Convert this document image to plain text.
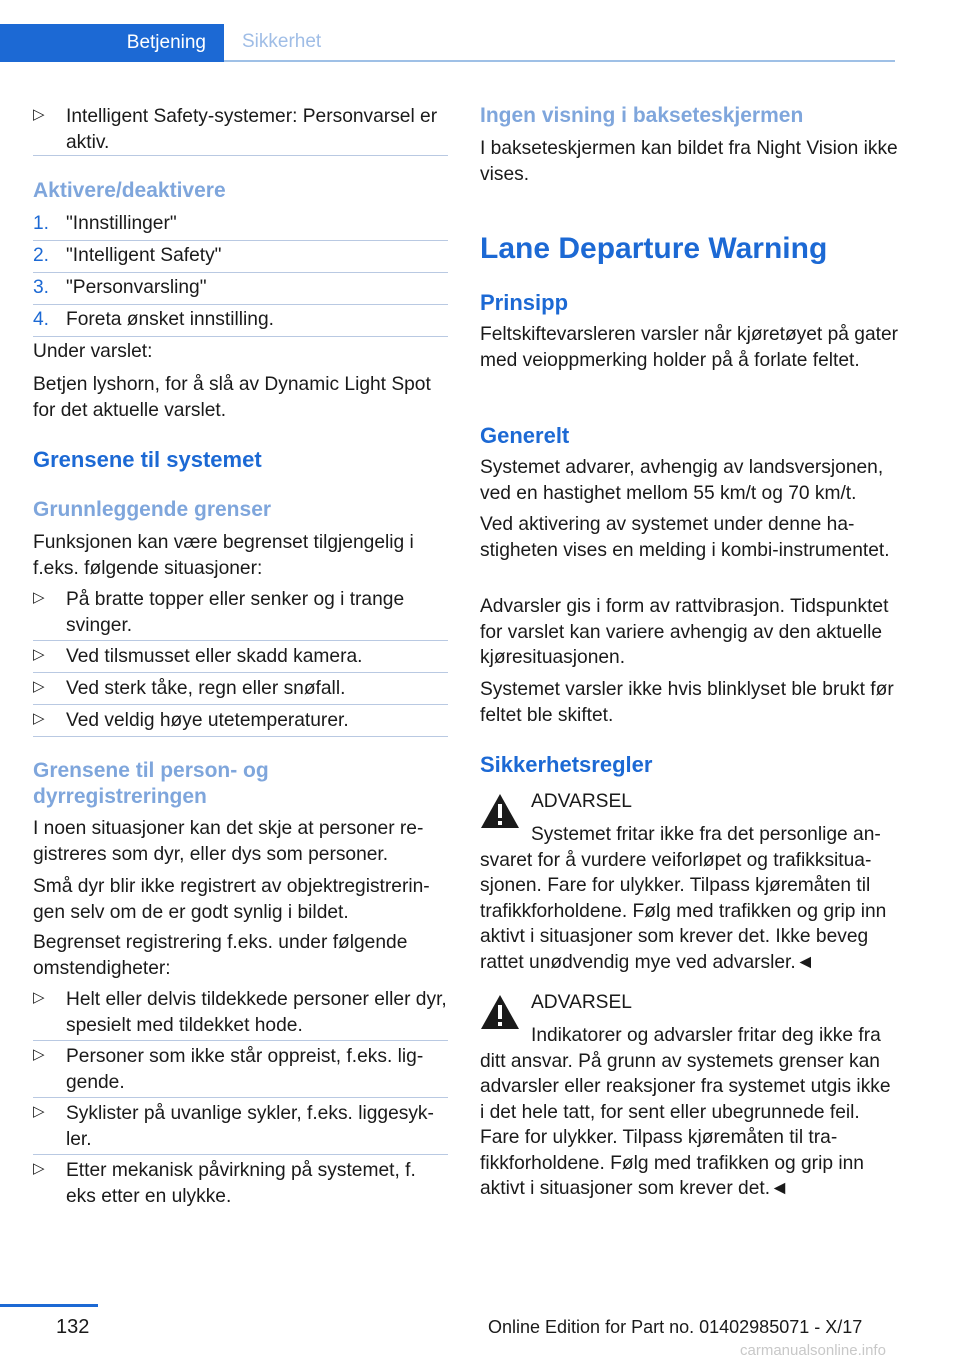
Betjening	Sikkerhet
▷ Intelligent Safety-systemer: Personvarsel er aktiv.

Aktivere/deaktivere
1. "Innstillinger"

2. "Intelligent Safety"

3. "Personvarsling"

4. Foreta ønsket innstilling.

Under varslet:

Betjen lyshorn, for å slå av Dynamic Light Spot for det aktuelle varslet.

Grensene til systemet
Grunnleggende grenser

Funksjonen kan være begrenset tilgjengelig i f.eks. følgende situasjoner:

▷ På bratte topper eller senker og i trange svinger.

▷ Ved tilsmusset eller skadd kamera.

▷ Ved sterk tåke, regn eller snøfall.

▷ Ved veldig høye utetemperaturer.

Grensene til person- og dyrregistreringen

I noen situasjoner kan det skje at personer registreres som dyr, eller dys som personer.

Små dyr blir ikke registrert av objektregistreringen selv om de er godt synlig i bildet.

Begrenset registrering f.eks. under følgende omstendigheter:

▷ Helt eller delvis tildekkede personer eller dyr, spesielt med tildekket hode.

▷ Personer som ikke står oppreist, f.eks. liggende.

▷ Syklister på uvanlige sykler, f.eks. liggesykler.

▷ Etter mekanisk påvirkning på systemet, f. eks etter en ulykke.

Ingen visning i bakseteskjermen

I bakseteskjermen kan bildet fra Night Vision ikke vises.

Lane Departure Warning
Prinsipp

Feltskiftevarsleren varsler når kjøretøyet på gater med veioppmerking holder på å forlate feltet.

Generelt

Systemet advarer, avhengig av landsversjonen, ved en hastighet mellom 55 km/t og 70 km/t.

Ved aktivering av systemet under denne hastigheten vises en melding i kombi-instrumentet.

Advarsler gis i form av rattvibrasjon. Tidspunktet for varslet kan variere avhengig av den aktuelle kjøresituasjonen.

Systemet varsler ikke hvis blinklyset ble brukt før feltet ble skiftet.

Sikkerhetsregler
ADVARSEL

Systemet fritar ikke fra det personlige ansvaret for å vurdere veiforløpet og trafikksituasjonen. Fare for ulykker. Tilpass kjøremåten til trafikkforholdene. Følg med trafikken og grip inn aktivt i situasjoner som krever det. Ikke beveg rattet unødvendig mye ved advarsler.◄

ADVARSEL

Indikatorer og advarsler fritar deg ikke fra ditt ansvar. På grunn av systemets grenser kan advarsler eller reaksjoner fra systemet utgis ikke i det hele tatt, for sent eller ubegrunnede feil. Fare for ulykker. Tilpass kjøremåten til trafikkforholdene. Følg med trafikken og grip inn aktivt i situasjoner som krever det.◄

132	Online Edition for Part no. 01402985071 - X/17
carmanualsonline.info
